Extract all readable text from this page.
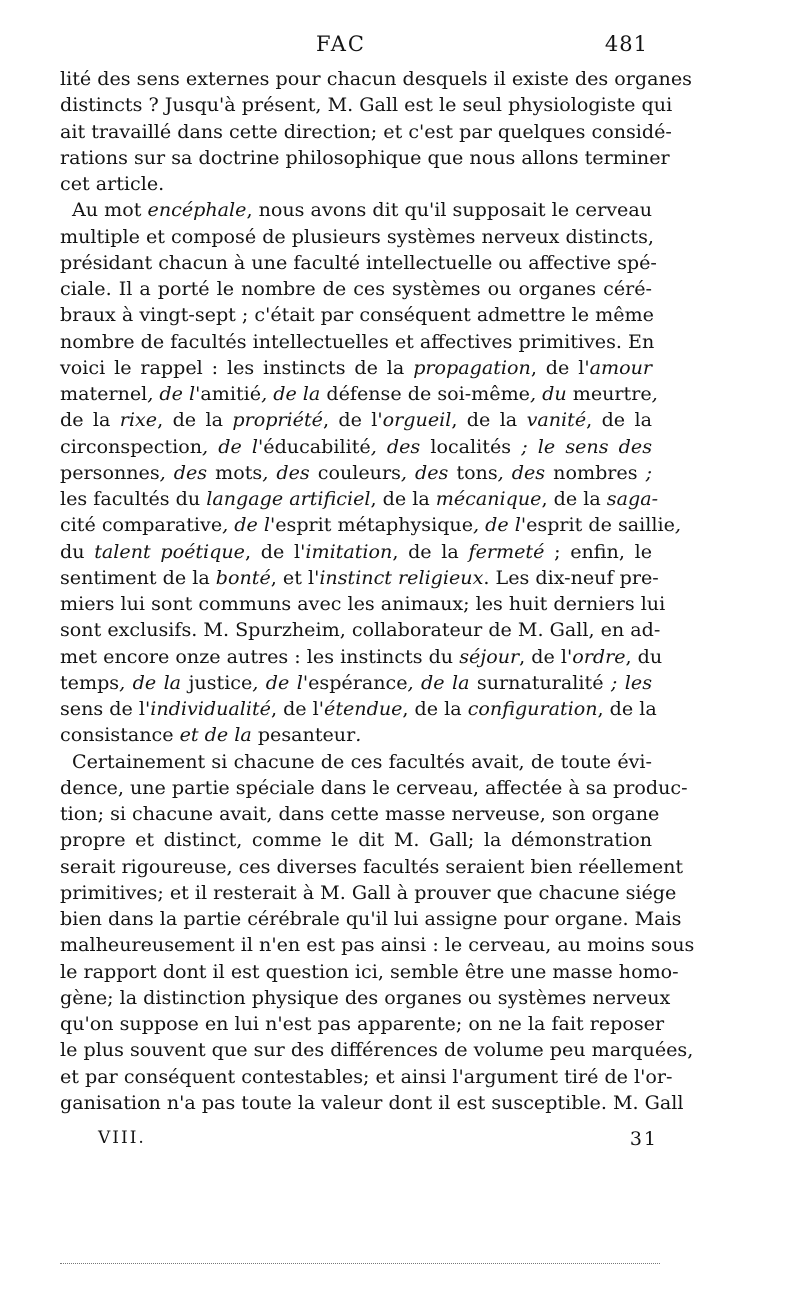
FAC	481
lité des sens externes pour chacun desquels il existe des organes
distincts ? Jusqu'à présent, M. Gall est le seul physiologiste qui
ait travaillé dans cette direction; et c'est par quelques considé-
rations sur sa doctrine philosophique que nous allons terminer
cet article.
Au mot encéphale, nous avons dit qu'il supposait le cerveau
multiple et composé de plusieurs systèmes nerveux distincts,
présidant chacun à une faculté intellectuelle ou affective spé-
ciale. Il a porté le nombre de ces systèmes ou organes céré-
braux à vingt-sept ; c'était par conséquent admettre le même
nombre de facultés intellectuelles et affectives primitives. En
voici le rappel : les instincts de la propagation, de l'amour
maternel, de l'amitié, de la défense de soi-même, du meurtre,
de la rixe, de la propriété, de l'orgueil, de la vanité, de la
circonspection, de l'éducabilité, des localités ; le sens des
personnes, des mots, des couleurs, des tons, des nombres ;
les facultés du langage artificiel, de la mécanique, de la saga-
cité comparative, de l'esprit métaphysique, de l'esprit de saillie,
du talent poétique, de l'imitation, de la fermeté ; enfin, le
sentiment de la bonté, et l'instinct religieux. Les dix-neuf pre-
miers lui sont communs avec les animaux; les huit derniers lui
sont exclusifs. M. Spurzheim, collaborateur de M. Gall, en ad-
met encore onze autres : les instincts du séjour, de l'ordre, du
temps, de la justice, de l'espérance, de la surnaturalité ; les
sens de l'individualité, de l'étendue, de la configuration, de la
consistance et de la pesanteur.
Certainement si chacune de ces facultés avait, de toute évi-
dence, une partie spéciale dans le cerveau, affectée à sa produc-
tion; si chacune avait, dans cette masse nerveuse, son organe
propre et distinct, comme le dit M. Gall; la démonstration
serait rigoureuse, ces diverses facultés seraient bien réellement
primitives; et il resterait à M. Gall à prouver que chacune siége
bien dans la partie cérébrale qu'il lui assigne pour organe. Mais
malheureusement il n'en est pas ainsi : le cerveau, au moins sous
le rapport dont il est question ici, semble être une masse homo-
gène; la distinction physique des organes ou systèmes nerveux
qu'on suppose en lui n'est pas apparente; on ne la fait reposer
le plus souvent que sur des différences de volume peu marquées,
et par conséquent contestables; et ainsi l'argument tiré de l'or-
ganisation n'a pas toute la valeur dont il est susceptible. M. Gall
VIII.	31
